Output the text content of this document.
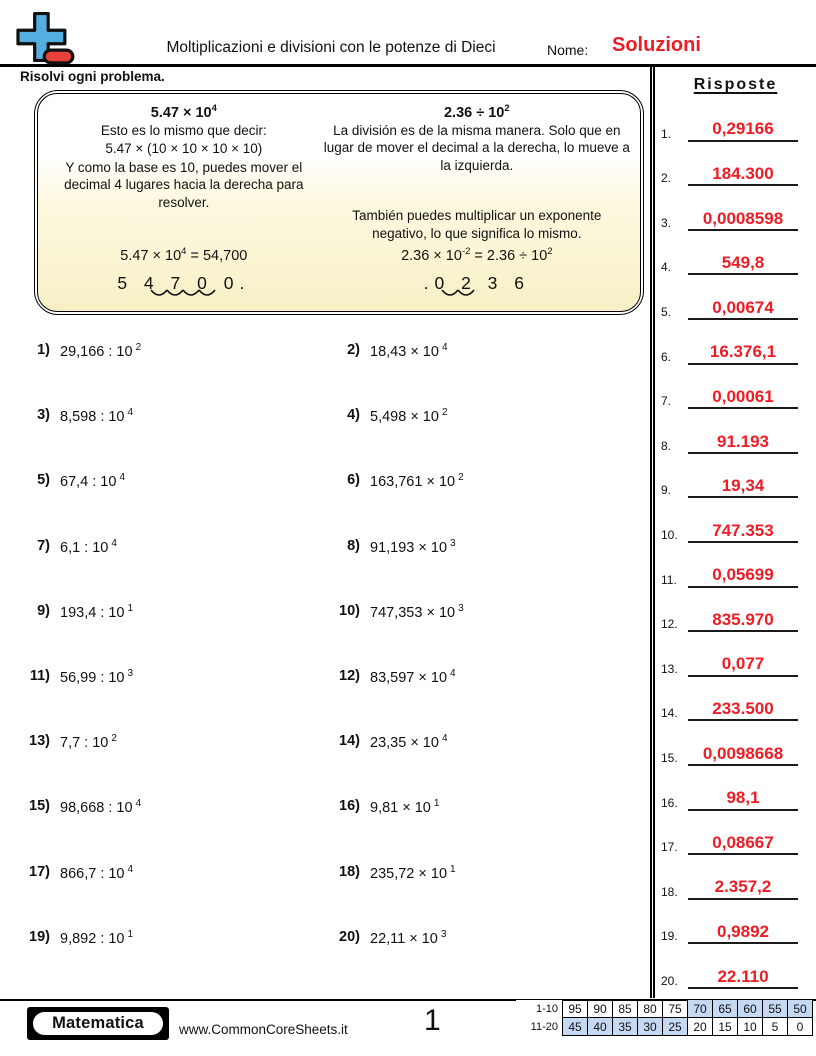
Moltiplicazioni e divisioni con le potenze di Dieci	Nome: Soluzioni
Risolvi ogni problema.
$5.47 \times 10^4$
Esto es lo mismo que decir:
5.47 × (10 × 10 × 10 × 10)
Y como la base es 10, puedes mover el decimal 4 lugares hacia la derecha para resolver.
$5.47 \times 10^4 = 54,700$
5 4 7 0 0.
$2.36 \div 10^2$
La división es de la misma manera. Solo que en lugar de mover el decimal a la derecha, lo mueve a la izquierda.
También puedes multiplicar un exponente negativo, lo que significa lo mismo.
$2.36 \times 10^{-2} = 2.36 \div 10^2$
.0 2 3 6
1) 29,166 : 10 $^2$	2) 18,43 × 10 $^4$
3) 8,598 : 10 $^4$	4) 5,498 × 10 $^2$
5) 67,4 : 10 $^4$	6) 163,761 × 10 $^2$
7) 6,1 : 10 $^4$	8) 91,193 × 10 $^3$
9) 193,4 : 10 $^1$	10) 747,353 × 10 $^3$
11) 56,99 : 10 $^3$	12) 83,597 × 10 $^4$
13) 7,7 : 10 $^2$	14) 23,35 × 10 $^4$
15) 98,668 : 10 $^4$	16) 9,81 × 10 $^1$
17) 866,7 : 10 $^4$	18) 235,72 × 10 $^1$
19) 9,892 : 10 $^1$	20) 22,11 × 10 $^3$
Risposte
1.	0,29166
2.	184.300
3.	0,0008598
4.	549,8
5.	0,00674
6.	16.376,1
7.	0,00061
8.	91.193
9.	19,34
10.	747.353
11.	0,05699
12.	835.970
13.	0,077
14.	233.500
15.	0,0098668
16.	98,1
17.	0,08667
18.	2.357,2
19.	0,9892
20.	22.110
Matematica	www.CommonCoreSheets.it	1	1-10	95	90	85	80	75	70	65	60	55	50
11-20	45	40	35	30	25	20	15	10	5	0
